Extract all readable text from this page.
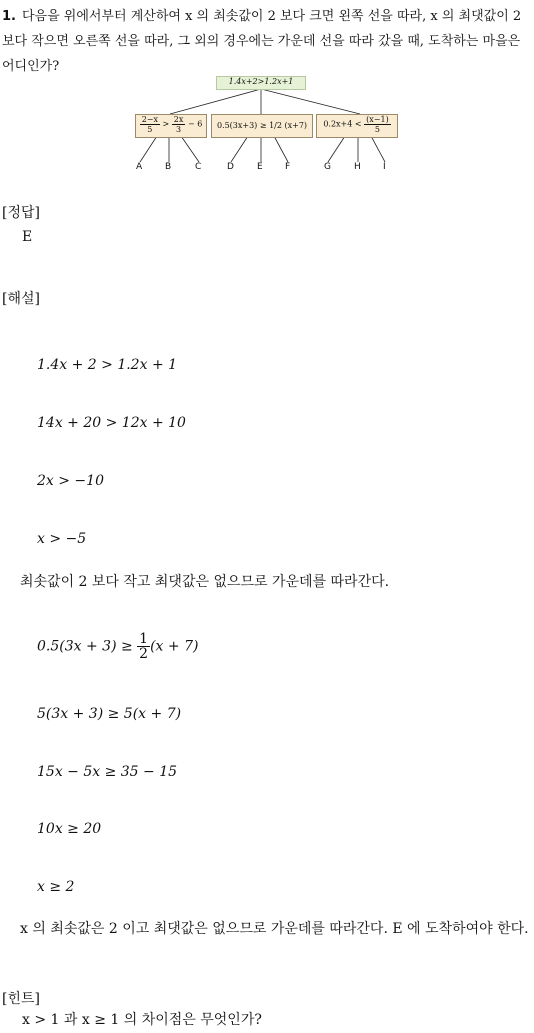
1. 다음을 위에서부터 계산하여 x 의 최솟값이 2 보다 크면 왼쪽 선을 따라, x 의 최댓값이 2 보다 작으면 오른쪽 선을 따라, 그 외의 경우에는 가운데 선을 따라 갔을 때, 도착하는 마을은 어디인가?
1.4x+2>1.2x+1
$\frac{2-x}{5} > \frac{2x}{3} - 6$	0.5(3x+3) ≥ 1/2 (x+7)	$0.2x+4 < \frac{(x-1)}{5}$
A	B	C	D	E F	G	H I
[정답]
E
[해설]
1.4x + 2 > 1.2x + 1
14x + 20 > 12x + 10
2x > −10
x > −5
최솟값이 2 보다 작고 최댓값은 없으므로 가운데를 따라간다.
$0.5(3x + 3) \ge \frac{1}{2} (x + 7)$
5(3x + 3) ≥ 5(x + 7)
15x − 5x ≥ 35 − 15
10x ≥ 20
x ≥ 2
x 의 최솟값은 2 이고 최댓값은 없으므로 가운데를 따라간다. E 에 도착하여야 한다.
[힌트]
x > 1 과 x ≥ 1 의 차이점은 무엇인가?
